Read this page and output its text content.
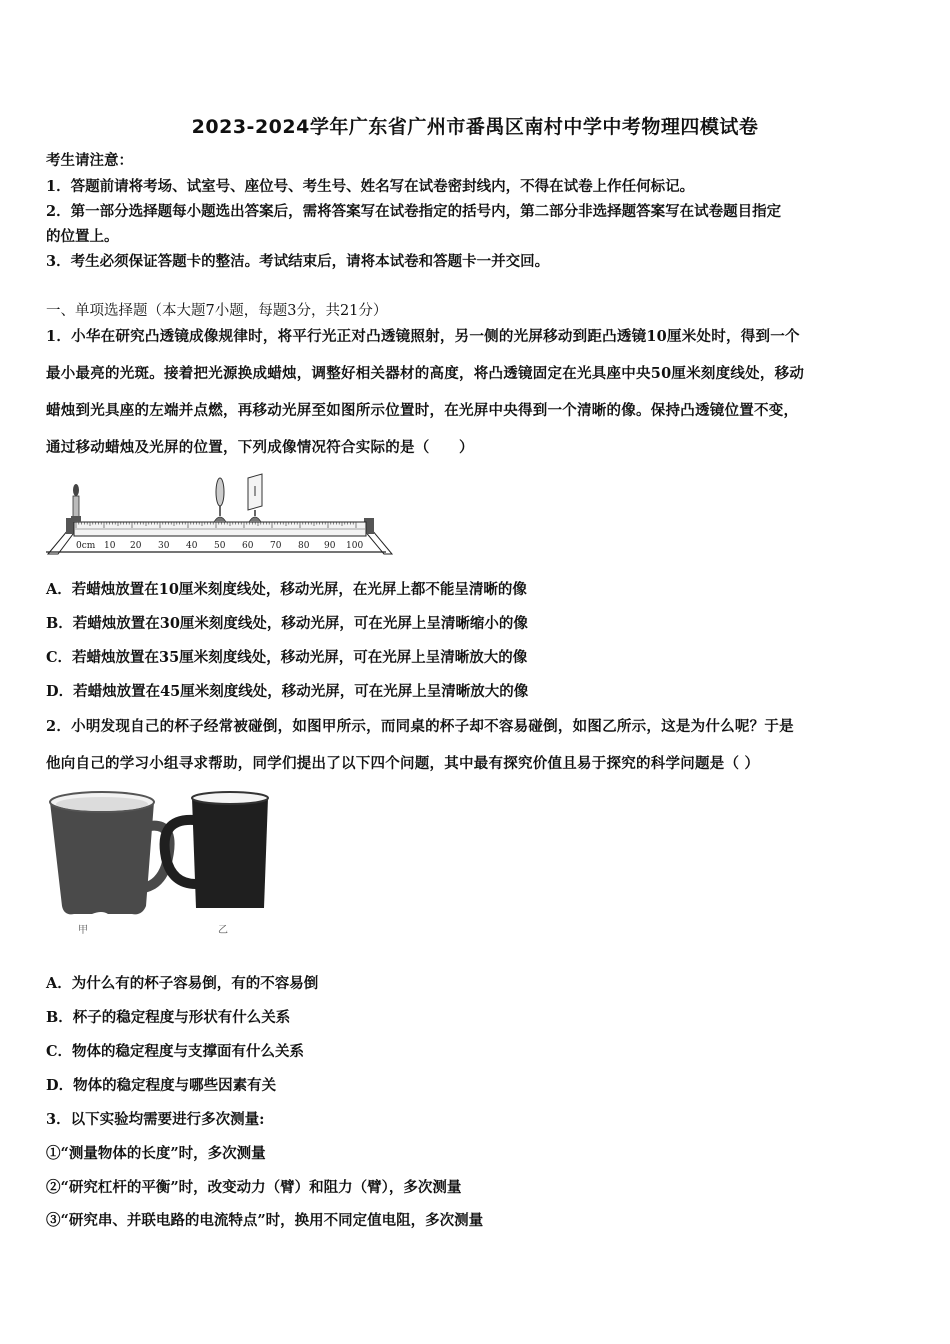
2023-2024学年广东省广州市番禺区南村中学中考物理四模试卷
考生请注意：
1．答题前请将考场、试室号、座位号、考生号、姓名写在试卷密封线内，不得在试卷上作任何标记。
2．第一部分选择题每小题选出答案后，需将答案写在试卷指定的括号内，第二部分非选择题答案写在试卷题目指定
的位置上。
3．考生必须保证答题卡的整洁。考试结束后，请将本试卷和答题卡一并交回。
一、单项选择题（本大题7小题，每题3分，共21分）
1．小华在研究凸透镜成像规律时，将平行光正对凸透镜照射，另一侧的光屏移动到距凸透镜10厘米处时，得到一个
最小最亮的光斑。接着把光源换成蜡烛，调整好相关器材的高度，将凸透镜固定在光具座中央50厘米刻度线处，移动
蜡烛到光具座的左端并点燃，再移动光屏至如图所示位置时，在光屏中央得到一个清晰的像。保持凸透镜位置不变，
通过移动蜡烛及光屏的位置，下列成像情况符合实际的是（　　）
0cm 10 20 30 40 50 60 70 80 90 100
A．若蜡烛放置在10厘米刻度线处，移动光屏，在光屏上都不能呈清晰的像
B．若蜡烛放置在30厘米刻度线处，移动光屏，可在光屏上呈清晰缩小的像
C．若蜡烛放置在35厘米刻度线处，移动光屏，可在光屏上呈清晰放大的像
D．若蜡烛放置在45厘米刻度线处，移动光屏，可在光屏上呈清晰放大的像
2．小明发现自己的杯子经常被碰倒，如图甲所示，而同桌的杯子却不容易碰倒，如图乙所示，这是为什么呢？于是
他向自己的学习小组寻求帮助，同学们提出了以下四个问题，其中最有探究价值且易于探究的科学问题是（ ）
甲	乙
A．为什么有的杯子容易倒，有的不容易倒
B．杯子的稳定程度与形状有什么关系
C．物体的稳定程度与支撑面有什么关系
D．物体的稳定程度与哪些因素有关
3．以下实验均需要进行多次测量:
①“测量物体的长度”时，多次测量
②“研究杠杆的平衡”时，改变动力（臂）和阻力（臂），多次测量
③“研究串、并联电路的电流特点”时，换用不同定值电阻，多次测量
